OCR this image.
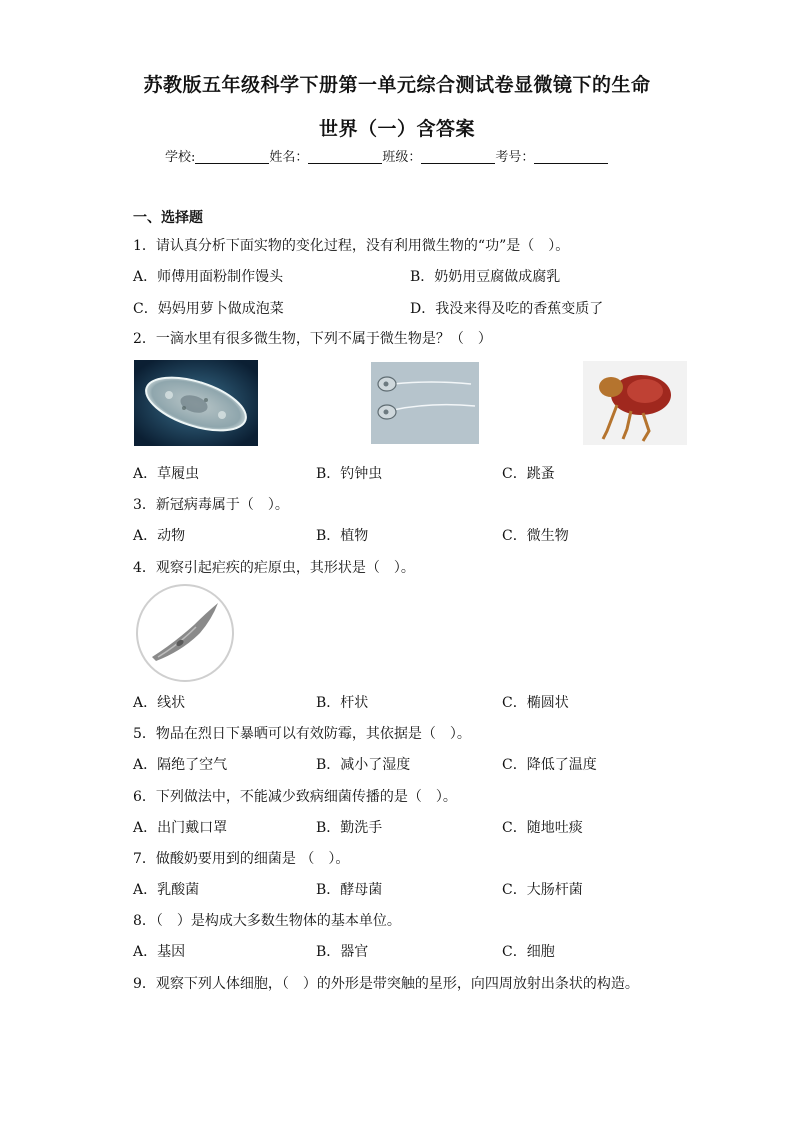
苏教版五年级科学下册第一单元综合测试卷显微镜下的生命
世界（一）含答案
学校:	姓名：	班级：	考号：
一、选择题
1．请认真分析下面实物的变化过程，没有利用微生物的“功”是（　）。
A．师傅用面粉制作馒头	B．奶奶用豆腐做成腐乳
C．妈妈用萝卜做成泡菜	D．我没来得及吃的香蕉变质了
2．一滴水里有很多微生物，下列不属于微生物是？（　）
A．草履虫	B．钓钟虫	C．跳蚤
3．新冠病毒属于（　）。
A．动物	B．植物	C．微生物
4．观察引起疟疾的疟原虫，其形状是（　）。
A．线状	B．杆状	C．椭圆状
5．物品在烈日下暴晒可以有效防霉，其依据是（　）。
A．隔绝了空气	B．减小了湿度	C．降低了温度
6．下列做法中，不能减少致病细菌传播的是（　）。
A．出门戴口罩	B．勤洗手	C．随地吐痰
7．做酸奶要用到的细菌是 （　）。
A．乳酸菌	B．酵母菌	C．大肠杆菌
8．（　）是构成大多数生物体的基本单位。
A．基因	B．器官	C．细胞
9．观察下列人体细胞，（　）的外形是带突触的星形，向四周放射出条状的构造。
